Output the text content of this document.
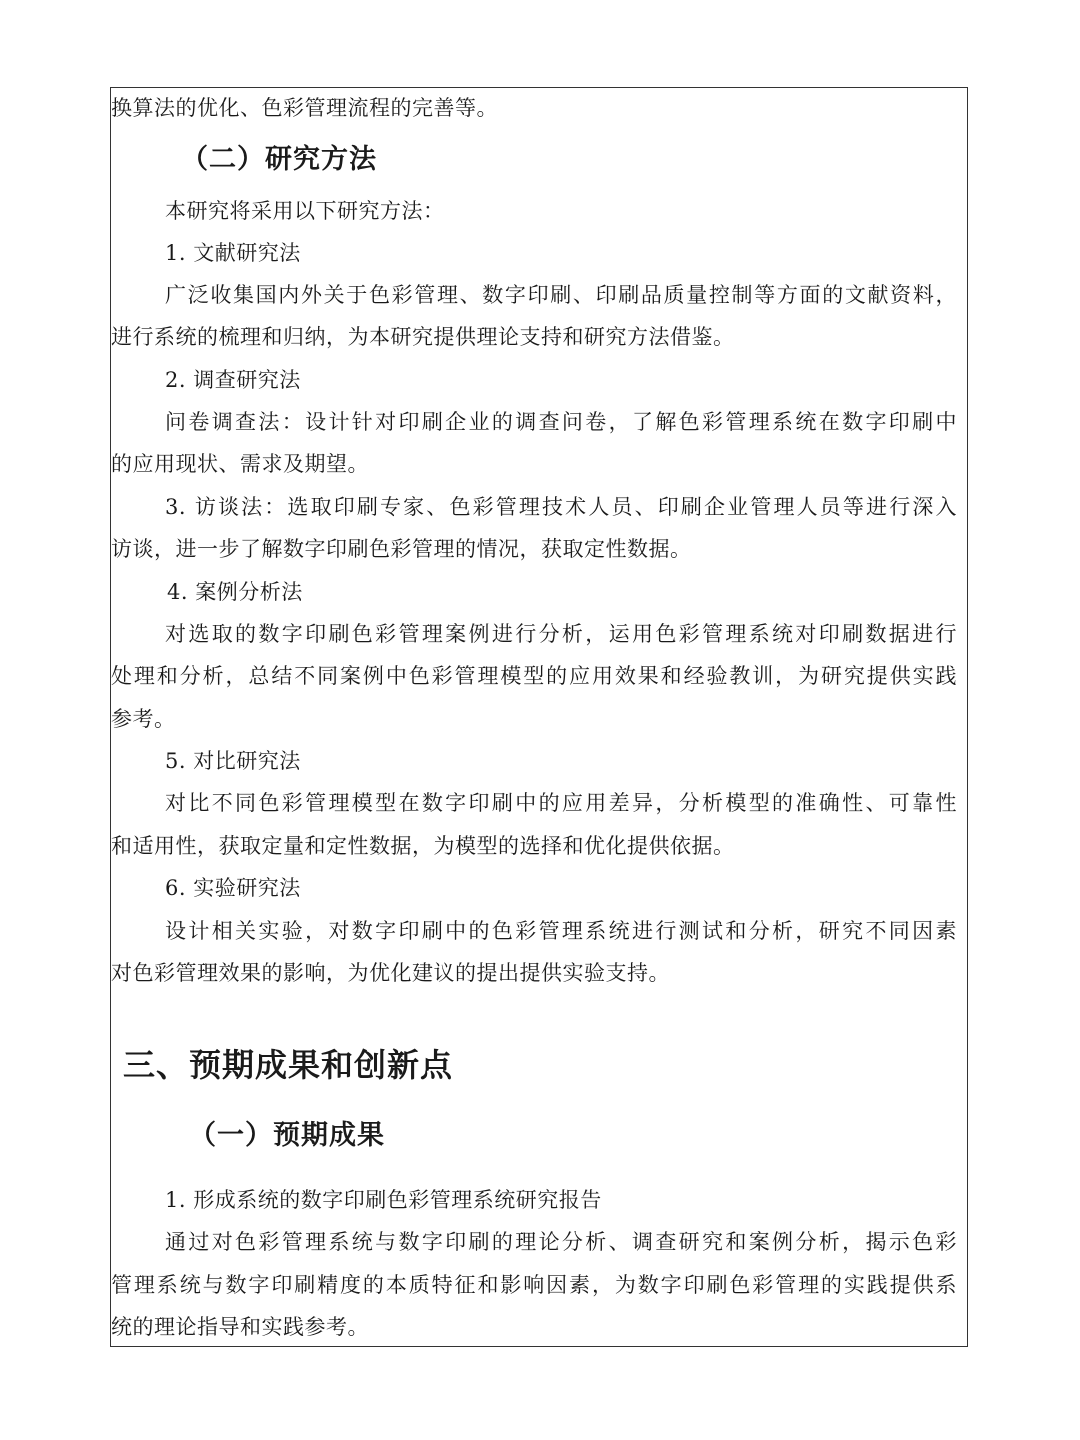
换算法的优化、色彩管理流程的完善等。
（二）研究方法
本研究将采用以下研究方法：
1. 文献研究法
广泛收集国内外关于色彩管理、数字印刷、印刷品质量控制等方面的文献资料，
进行系统的梳理和归纳，为本研究提供理论支持和研究方法借鉴。
2. 调查研究法
问卷调查法：设计针对印刷企业的调查问卷，了解色彩管理系统在数字印刷中
的应用现状、需求及期望。
3. 访谈法：选取印刷专家、色彩管理技术人员、印刷企业管理人员等进行深入
访谈，进一步了解数字印刷色彩管理的情况，获取定性数据。
4. 案例分析法
对选取的数字印刷色彩管理案例进行分析，运用色彩管理系统对印刷数据进行
处理和分析，总结不同案例中色彩管理模型的应用效果和经验教训，为研究提供实践
参考。
5. 对比研究法
对比不同色彩管理模型在数字印刷中的应用差异，分析模型的准确性、可靠性
和适用性，获取定量和定性数据，为模型的选择和优化提供依据。
6. 实验研究法
设计相关实验，对数字印刷中的色彩管理系统进行测试和分析，研究不同因素
对色彩管理效果的影响，为优化建议的提出提供实验支持。
三、预期成果和创新点
（一）预期成果
1. 形成系统的数字印刷色彩管理系统研究报告
通过对色彩管理系统与数字印刷的理论分析、调查研究和案例分析，揭示色彩
管理系统与数字印刷精度的本质特征和影响因素，为数字印刷色彩管理的实践提供系
统的理论指导和实践参考。
